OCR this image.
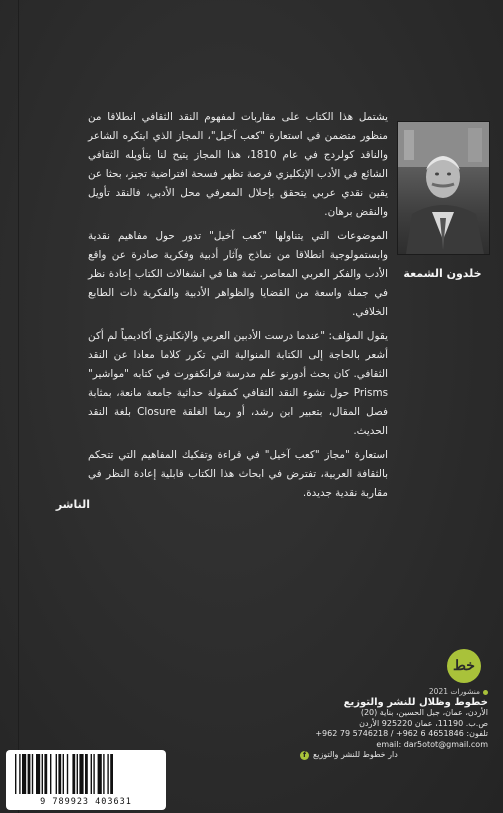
يشتمل هذا الكتاب على مقاربات لمفهوم النقد الثقافي انطلاقا من منظور متضمن في استعارة "كعب آخيل"، المجاز الذي ابتكره الشاعر والناقد كولردج في عام 1810، هذا المجاز يتيح لنا بتأويله الثقافي الشائع في الأدب الإنكليزي فرصة تظهر فسحة افتراضية تجيز، بحثا عن يقين نقدي عربي يتحقق بإحلال المعرفي محل الأدبي، فالنقد تأويل والنقض برهان.

الموضوعات التي يتناولها "كعب آخيل" تدور حول مفاهيم نقدية وابستمولوجية انطلاقا من نماذج وآثار أدبية وفكرية صادرة عن واقع الأدب والفكر العربي المعاصر. ثمة هنا في انشغالات الكتاب إعادة نظر في جملة واسعة من القضايا والظواهر الأدبية والفكرية ذات الطابع الخلافي.

يقول المؤلف: "عندما درست الأدبين العربي والإنكليزي أكاديمياً لم أكن أشعر بالحاجة إلى الكتابة المنوالية التي تكرر كلاما معادا عن النقد الثقافي. كان بحث أدورنو علم مدرسة فرانكفورت في كتابه "مواشير" Prisms حول نشوء النقد الثقافي كمقولة حداثية جامعة مانعة، بمثابة فصل المقال، بتعبير ابن رشد، أو ربما الغلقة Closure بلغة النقد الحديث.

استعارة "مجاز "كعب آخيل" في قراءة وتفكيك المفاهيم التي تتحكم بالثقافة العربية، تفترض في ابحاث هذا الكتاب قابلية إعادة النظر في مقاربة نقدية جديدة.

الناشر
خلدون الشمعة
خط
منشورات 2021
خطوط وظلال للنشر والتوزيع
الأردن، عمان، جبل الحسين، بناية (20)
ص.ب. 11190، عمان 925220 الأردن
تلفون: 4651846 6 962+ / 5746218 79 962+
email: dar5otot@gmail.com
f دار خطوط للنشر والتوزيع
9 789923 403631
